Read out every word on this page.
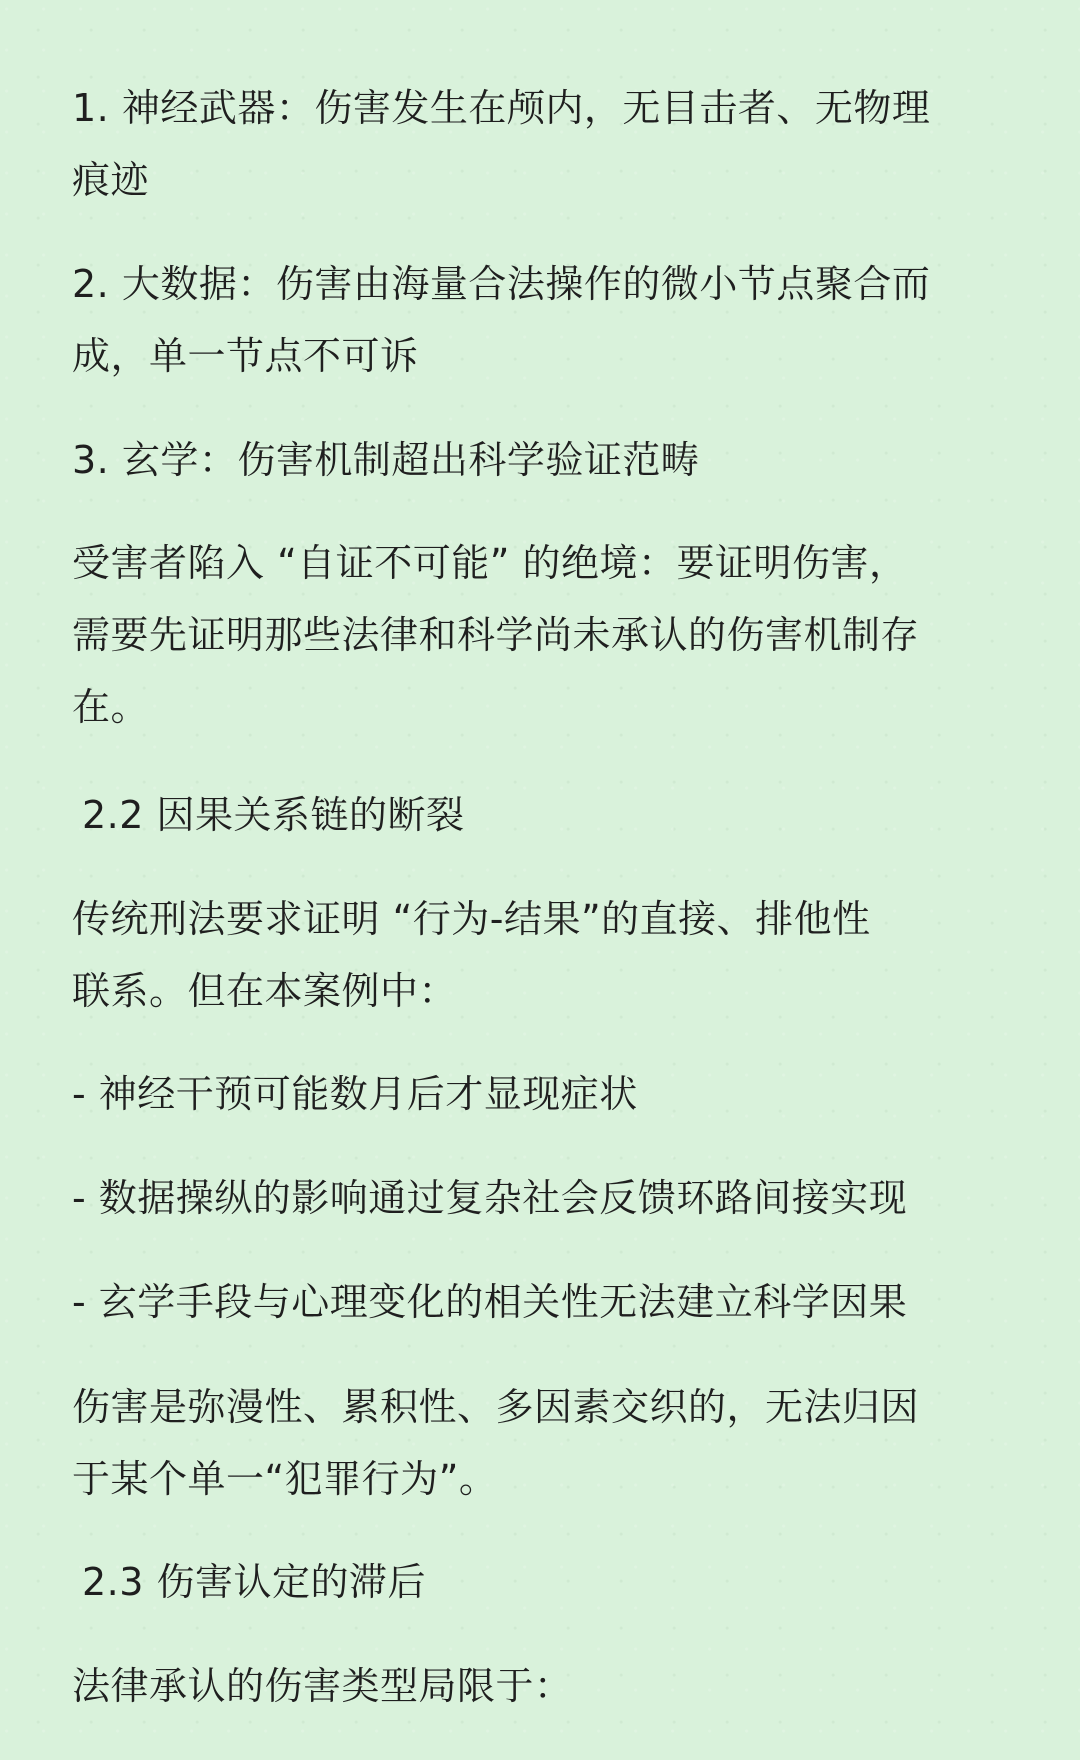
1. 神经武器：伤害发生在颅内，无目击者、无物理
痕迹
2. 大数据：伤害由海量合法操作的微小节点聚合而
成，单一节点不可诉
3. 玄学：伤害机制超出科学验证范畴
受害者陷入 “自证不可能” 的绝境：要证明伤害，
需要先证明那些法律和科学尚未承认的伤害机制存
在。
2.2 因果关系链的断裂
传统刑法要求证明 “行为-结果”的直接、排他性
联系。但在本案例中：
- 神经干预可能数月后才显现症状
- 数据操纵的影响通过复杂社会反馈环路间接实现
- 玄学手段与心理变化的相关性无法建立科学因果
伤害是弥漫性、累积性、多因素交织的，无法归因
于某个单一“犯罪行为”。
2.3 伤害认定的滞后
法律承认的伤害类型局限于：
